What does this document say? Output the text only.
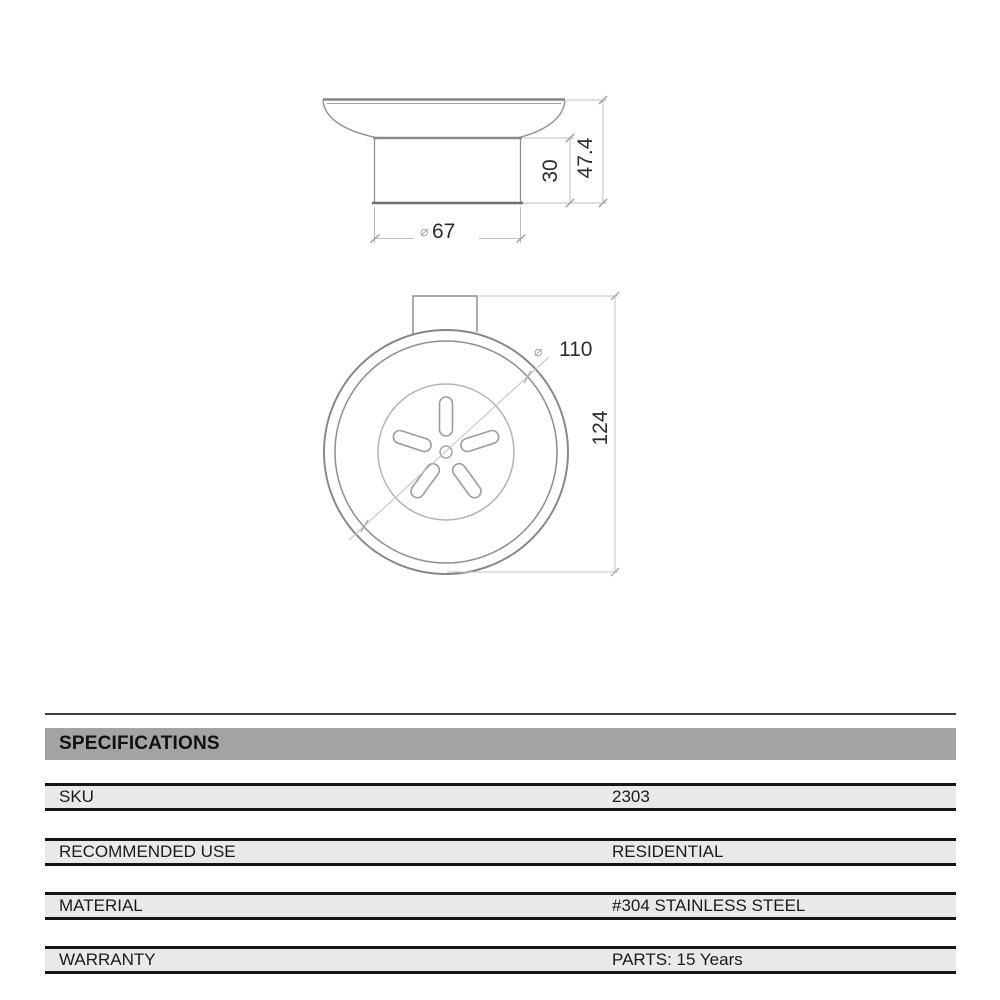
⌀ 67
30 47.4
⌀ 110
124
SPECIFICATIONS
SKU	2303
RECOMMENDED USE	RESIDENTIAL
MATERIAL	#304 STAINLESS STEEL
WARRANTY	PARTS: 15 Years
